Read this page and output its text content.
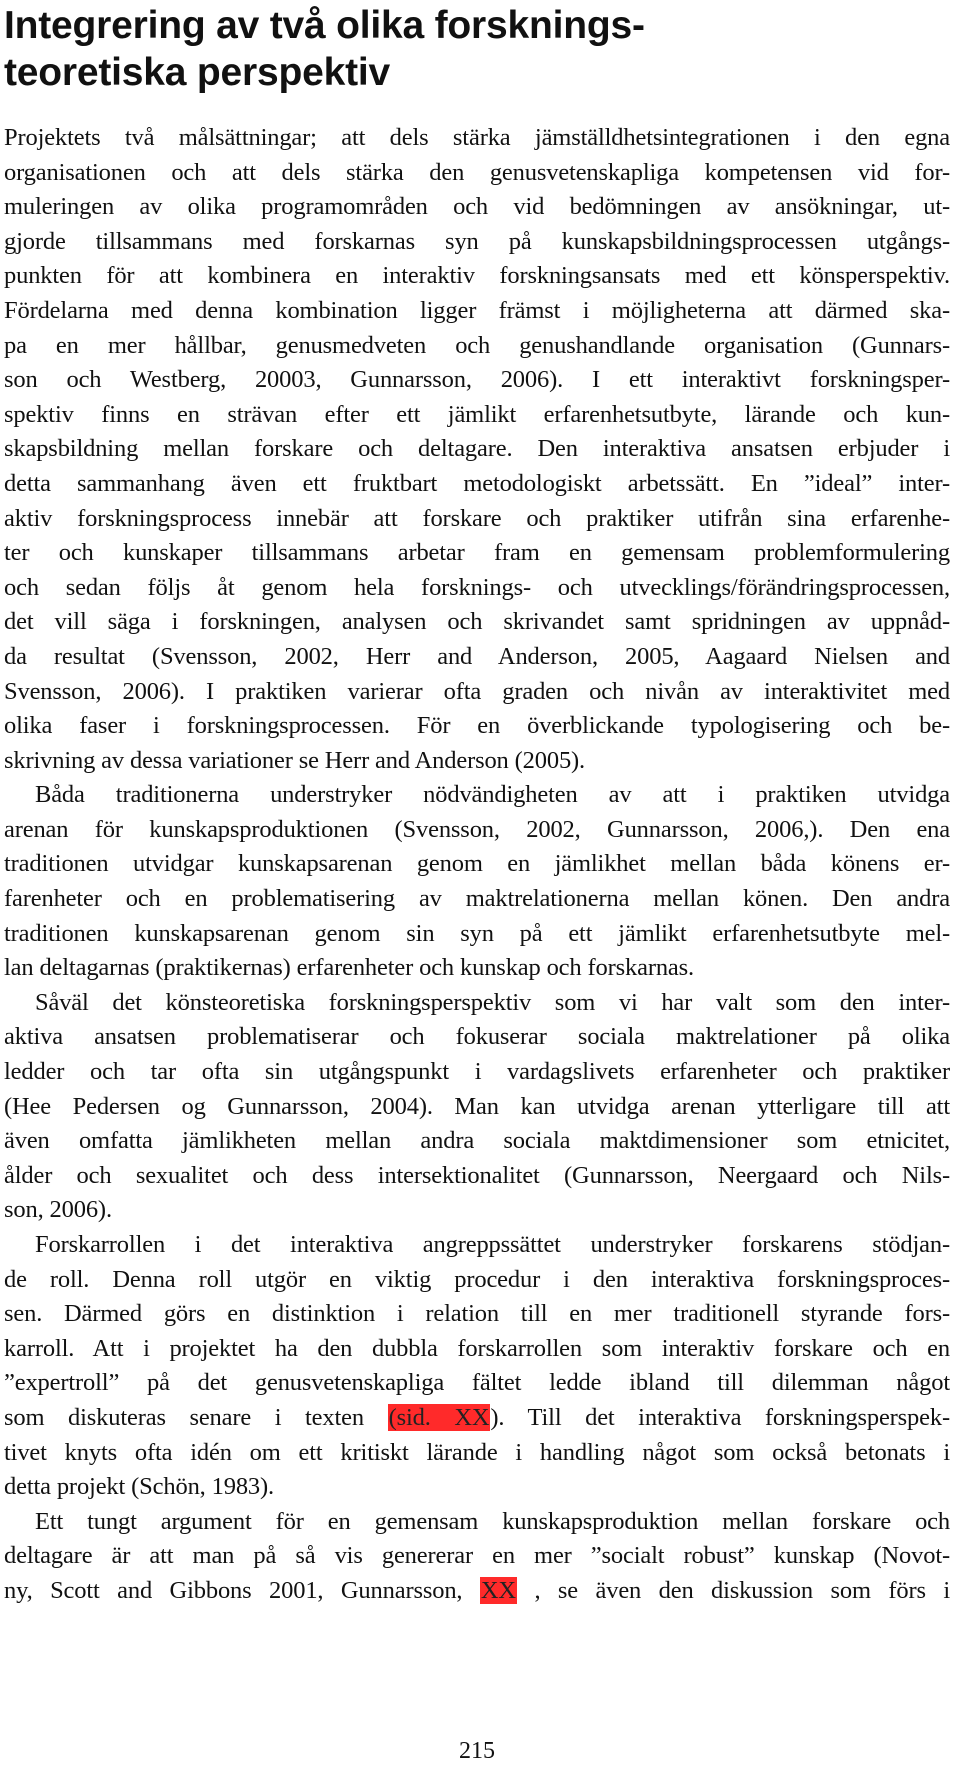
Integrering av två olika forsknings-
teoretiska perspektiv
Projektets två målsättningar; att dels stärka jämställdhetsintegrationen i den egna
organisationen och att dels stärka den genusvetenskapliga kompetensen vid for-
muleringen av olika programområden och vid bedömningen av ansökningar, ut-
gjorde tillsammans med forskarnas syn på kunskapsbildningsprocessen utgångs-
punkten för att kombinera en interaktiv forskningsansats med ett könsperspektiv.
Fördelarna med denna kombination ligger främst i möjligheterna att därmed ska-
pa en mer hållbar, genusmedveten och genushandlande organisation (Gunnars-
son och Westberg, 20003, Gunnarsson, 2006). I ett interaktivt forskningsper-
spektiv finns en strävan efter ett jämlikt erfarenhetsutbyte, lärande och kun-
skapsbildning mellan forskare och deltagare. Den interaktiva ansatsen erbjuder i
detta sammanhang även ett fruktbart metodologiskt arbetssätt. En ”ideal” inter-
aktiv forskningsprocess innebär att forskare och praktiker utifrån sina erfarenhe-
ter och kunskaper tillsammans arbetar fram en gemensam problemformulering
och sedan följs åt genom hela forsknings- och utvecklings/förändringsprocessen,
det vill säga i forskningen, analysen och skrivandet samt spridningen av uppnåd-
da resultat (Svensson, 2002, Herr and Anderson, 2005, Aagaard Nielsen and
Svensson, 2006). I praktiken varierar ofta graden och nivån av interaktivitet med
olika faser i forskningsprocessen. För en överblickande typologisering och be-
skrivning av dessa variationer se Herr and Anderson (2005).
Båda traditionerna understryker nödvändigheten av att i praktiken utvidga
arenan för kunskapsproduktionen (Svensson, 2002, Gunnarsson, 2006,). Den ena
traditionen utvidgar kunskapsarenan genom en jämlikhet mellan båda könens er-
farenheter och en problematisering av maktrelationerna mellan könen. Den andra
traditionen kunskapsarenan genom sin syn på ett jämlikt erfarenhetsutbyte mel-
lan deltagarnas (praktikernas) erfarenheter och kunskap och forskarnas.
Såväl det könsteoretiska forskningsperspektiv som vi har valt som den inter-
aktiva ansatsen problematiserar och fokuserar sociala maktrelationer på olika
ledder och tar ofta sin utgångspunkt i vardagslivets erfarenheter och praktiker
(Hee Pedersen og Gunnarsson, 2004). Man kan utvidga arenan ytterligare till att
även omfatta jämlikheten mellan andra sociala maktdimensioner som etnicitet,
ålder och sexualitet och dess intersektionalitet (Gunnarsson, Neergaard och Nils-
son, 2006).
Forskarrollen i det interaktiva angreppssättet understryker forskarens stödjan-
de roll. Denna roll utgör en viktig procedur i den interaktiva forskningsproces-
sen. Därmed görs en distinktion i relation till en mer traditionell styrande fors-
karroll. Att i projektet ha den dubbla forskarrollen som interaktiv forskare och en
”expertroll” på det genusvetenskapliga fältet ledde ibland till dilemman något
som diskuteras senare i texten (sid. XX). Till det interaktiva forskningsperspek-
tivet knyts ofta idén om ett kritiskt lärande i handling något som också betonats i
detta projekt (Schön, 1983).
Ett tungt argument för en gemensam kunskapsproduktion mellan forskare och
deltagare är att man på så vis genererar en mer ”socialt robust” kunskap (Novot-
ny, Scott and Gibbons 2001, Gunnarsson, XX , se även den diskussion som förs i
215
